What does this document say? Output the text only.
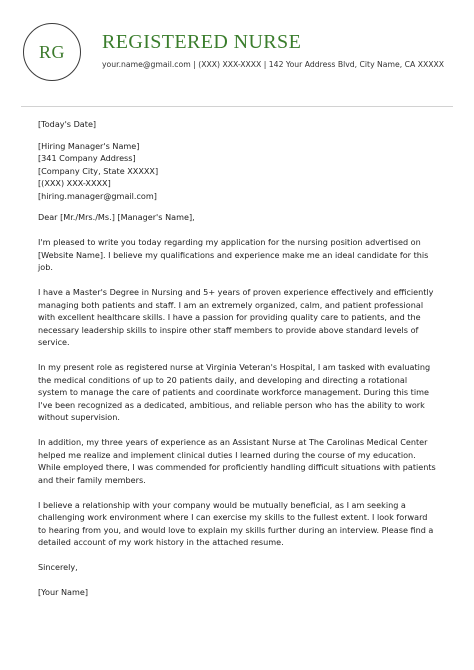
RG REGISTERED NURSE
your.name@gmail.com | (XXX) XXX-XXXX | 142 Your Address Blvd, City Name, CA XXXXX

[Today's Date]

[Hiring Manager's Name]

[341 Company Address]

[Company City, State XXXXX]

[(XXX) XXX-XXXX]

[hiring.manager@gmail.com]

Dear [Mr./Mrs./Ms.] [Manager's Name],

I'm pleased to write you today regarding my application for the nursing position advertised on

[Website Name]. I believe my qualifications and experience make me an ideal candidate for this

job.

I have a Master's Degree in Nursing and 5+ years of proven experience effectively and efficiently

managing both patients and staff. I am an extremely organized, calm, and patient professional

with excellent healthcare skills. I have a passion for providing quality care to patients, and the

necessary leadership skills to inspire other staff members to provide above standard levels of

service.

In my present role as registered nurse at Virginia Veteran's Hospital, I am tasked with evaluating

the medical conditions of up to 20 patients daily, and developing and directing a rotational

system to manage the care of patients and coordinate workforce management. During this time

I've been recognized as a dedicated, ambitious, and reliable person who has the ability to work

without supervision.

In addition, my three years of experience as an Assistant Nurse at The Carolinas Medical Center

helped me realize and implement clinical duties I learned during the course of my education.

While employed there, I was commended for proficiently handling difficult situations with patients

and their family members.

I believe a relationship with your company would be mutually beneficial, as I am seeking a

challenging work environment where I can exercise my skills to the fullest extent. I look forward

to hearing from you, and would love to explain my skills further during an interview. Please find a

detailed account of my work history in the attached resume.

Sincerely,

[Your Name]
